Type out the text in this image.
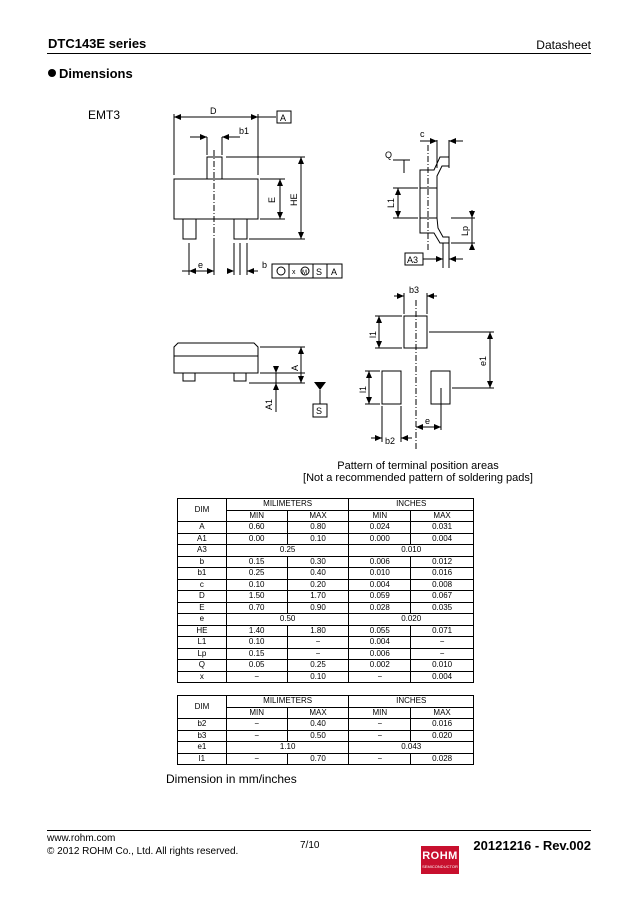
DTC143E series	Datasheet
Dimensions
EMT3	D
A
b1	c
Q
E HE	L1
Lp
A3
e	b
x M S A
A
A1
S
b3
l1
e1
l1
b2
e
Pattern of terminal position areas
[Not a recommended pattern of soldering pads]
DIM	MILIMETERS		INCHES	
	MIN	MAX	MIN	MAX
A	0.60	0.80	0.024	0.031
A1	0.00	0.10	0.000	0.004
A3	0.25		0.010	
b	0.15	0.30	0.006	0.012
b1	0.25	0.40	0.010	0.016
c	0.10	0.20	0.004	0.008
D	1.50	1.70	0.059	0.067
E	0.70	0.90	0.028	0.035
e	0.50		0.020	
HE	1.40	1.80	0.055	0.071
L1	0.10	−	0.004	−
Lp	0.15	−	0.006	−
Q	0.05	0.25	0.002	0.010
x	−	0.10	−	0.004
DIM	MILIMETERS		INCHES	
	MIN	MAX	MIN	MAX
b2	−	0.40	−	0.016
b3	−	0.50	−	0.020
e1	1.10		0.043	
l1	−	0.70	−	0.028
Dimension in mm/inches
www.rohm.com
© 2012 ROHM Co., Ltd. All rights reserved.
7/10
ROHM
SEMICONDUCTOR
20121216 - Rev.002
